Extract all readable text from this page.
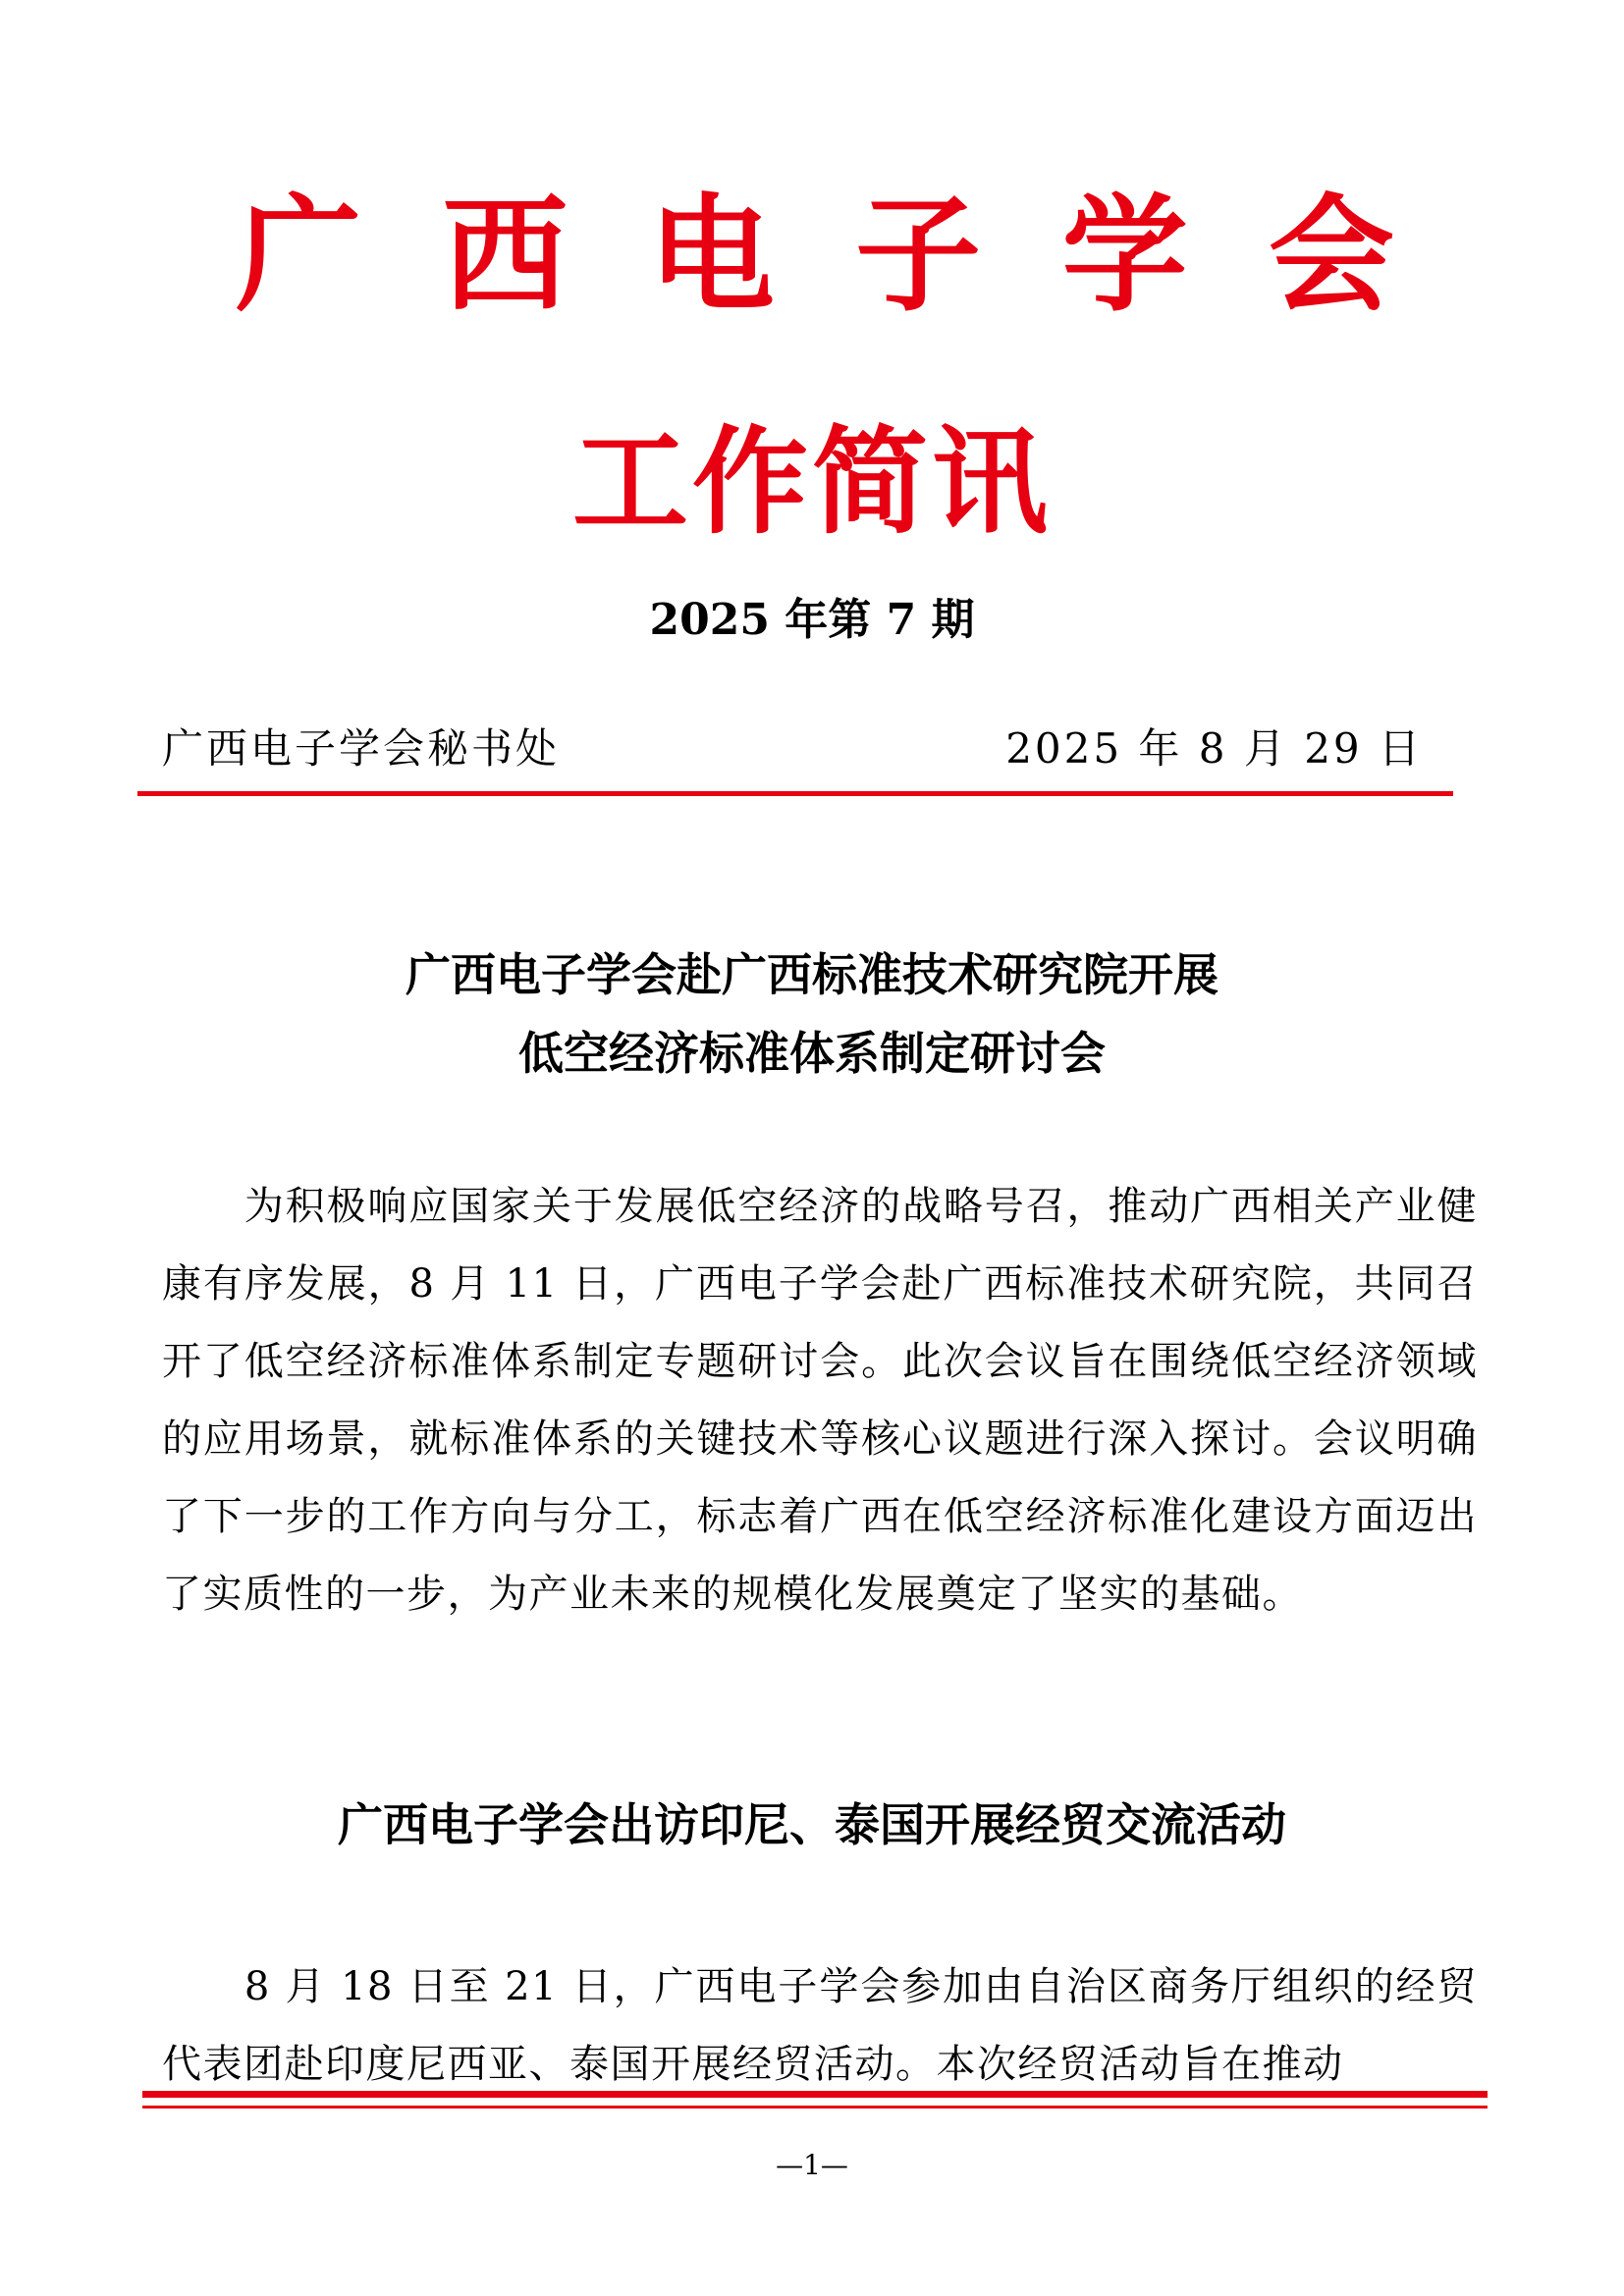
广 西 电 子 学 会
工作简讯
2025 年第 7 期
广西电子学会秘书处	2025 年 8 月 29 日
广西电子学会赴广西标准技术研究院开展
低空经济标准体系制定研讨会
　　为积极响应国家关于发展低空经济的战略号召，推动广西相关产业健康有序发展，8 月 11 日，广西电子学会赴广西标准技术研究院，共同召开了低空经济标准体系制定专题研讨会。此次会议旨在围绕低空经济领域的应用场景，就标准体系的关键技术等核心议题进行深入探讨。会议明确了下一步的工作方向与分工，标志着广西在低空经济标准化建设方面迈出了实质性的一步，为产业未来的规模化发展奠定了坚实的基础。
广西电子学会出访印尼、泰国开展经贸交流活动
　　8 月 18 日至 21 日，广西电子学会参加由自治区商务厅组织的经贸代表团赴印度尼西亚、泰国开展经贸活动。本次经贸活动旨在推动
—1—
